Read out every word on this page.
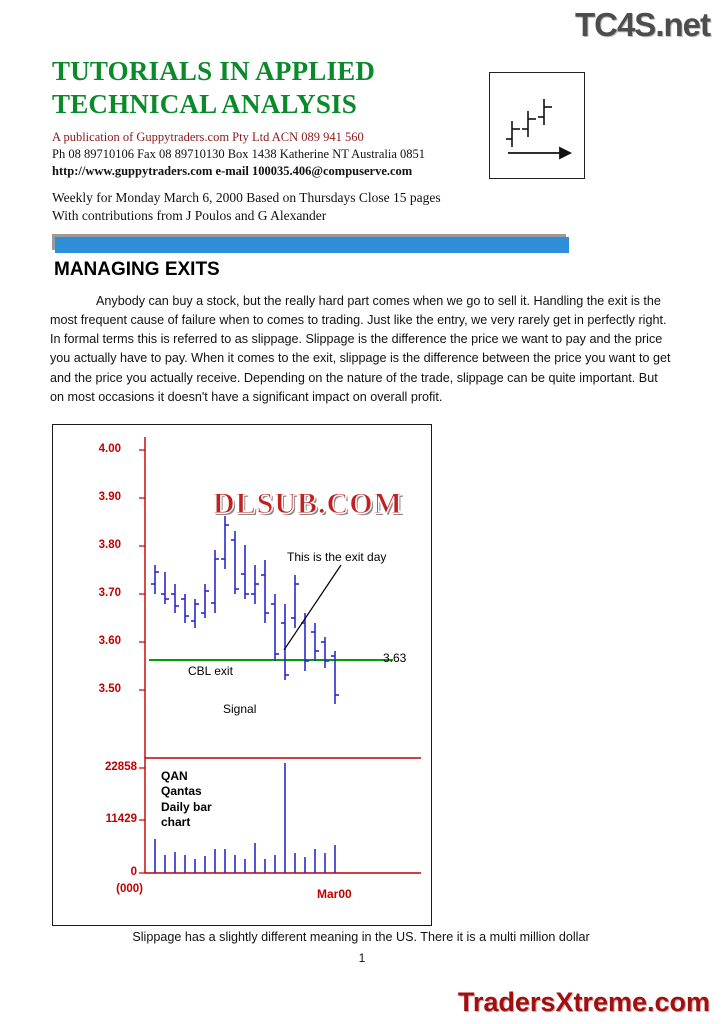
TC4S.net
TUTORIALS IN APPLIED
TECHNICAL ANALYSIS
A publication of Guppytraders.com Pty Ltd ACN 089 941 560
Ph 08 89710106 Fax 08 89710130 Box 1438 Katherine NT Australia 0851
http://www.guppytraders.com e-mail 100035.406@compuserve.com
Weekly for Monday March 6, 2000 Based on Thursdays Close 15 pages
With contributions from J Poulos and G Alexander
MANAGING EXITS
Anybody can buy a stock, but the really hard part comes when we go to sell it. Handling the exit is the most frequent cause of failure when to comes to trading. Just like the entry, we very rarely get in perfectly right. In formal terms this is referred to as slippage. Slippage is the difference the price we want to pay and the price you actually have to pay. When it comes to the exit, slippage is the difference between the price you want to get and the price you actually receive. Depending on the nature of the trade, slippage can be quite important. But on most occasions it doesn't have a significant impact on overall profit.
4.00
3.90
3.80
3.70
3.60
3.50
22858
11429
0
(000)
This is the exit day
CBL exit
Signal
3.63
Mar00
QAN
Qantas
Daily bar
chart
DLSUB.COM
Slippage has a slightly different meaning in the US. There it is a multi million dollar
1
TradersXtreme.com
